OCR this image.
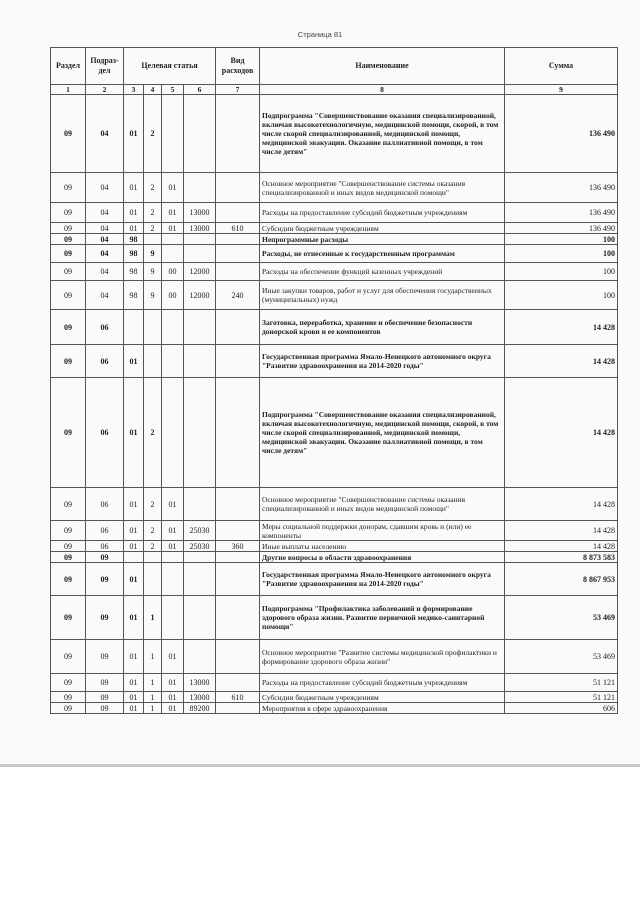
Страница 81
Раздел	Подраз-дел	Целевая статья				Вид расходов	Наименование	Сумма
1	2	3	4	5	6	7	8	9
09	04	01	2				Подпрограмма "Совершенствование оказания специализированной, включая высокотехнологичную, медицинской помощи, скорой, в том числе скорой специализированной, медицинской помощи, медицинской эвакуации. Оказание паллиативной помощи, в том числе детям"	136 490
09	04	01	2	01			Основное мероприятие "Совершенствование системы оказания специализированной и иных видов медицинской помощи"	136 490
09	04	01	2	01	13000		Расходы на предоставление субсидий бюджетным учреждениям	136 490
09	04	01	2	01	13000	610	Субсидии бюджетным учреждениям	136 490
09	04	98					Непрограммные расходы	100
09	04	98	9				Расходы, не отнесенные к государственным программам	100
09	04	98	9	00	12000		Расходы на обеспечение функций казенных учреждений	100
09	04	98	9	00	12000	240	Иные закупки товаров, работ и услуг для обеспечения государственных (муниципальных) нужд	100
09	06						Заготовка, переработка, хранение и обеспечение безопасности донорской крови и ее компонентов	14 428
09	06	01					Государственная программа Ямало-Ненецкого автономного округа "Развитие здравоохранения на 2014-2020 годы"	14 428
09	06	01	2				Подпрограмма "Совершенствование оказания специализированной, включая высокотехнологичную, медицинской помощи, скорой, в том числе скорой специализированной, медицинской помощи, медицинской эвакуации. Оказание паллиативной помощи, в том числе детям"	14 428
09	06	01	2	01			Основное мероприятие "Совершенствование системы оказания специализированной и иных видов медицинской помощи"	14 428
09	06	01	2	01	25030		Меры социальной поддержки донорам, сдавшим кровь и (или) ее компоненты	14 428
09	06	01	2	01	25030	360	Иные выплаты населению	14 428
09	09						Другие вопросы в области здравоохранения	8 873 583
09	09	01					Государственная программа Ямало-Ненецкого автономного округа "Развитие здравоохранения на 2014-2020 годы"	8 867 953
09	09	01	1				Подпрограмма "Профилактика заболеваний и формирование здорового образа жизни. Развитие первичной медико-санитарной помощи"	53 469
09	09	01	1	01			Основное мероприятие "Развитие системы медицинской профилактики и формирование здорового образа жизни"	53 469
09	09	01	1	01	13000		Расходы на предоставление субсидий бюджетным учреждениям	51 121
09	09	01	1	01	13000	610	Субсидии бюджетным учреждениям	51 121
09	09	01	1	01	89200		Мероприятия в сфере здравоохранения	606
